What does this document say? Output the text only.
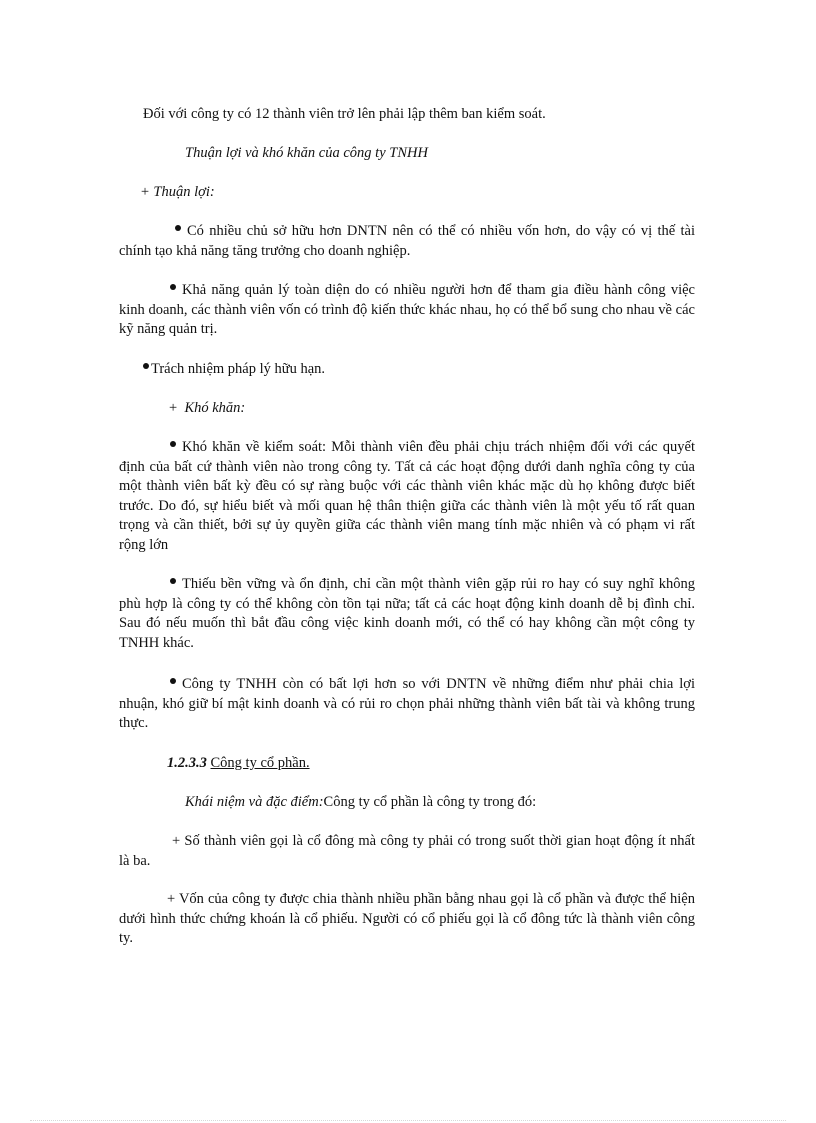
Đối với công ty có 12 thành viên trở lên phải lập thêm ban kiểm soát.
Thuận lợi và khó khăn của công ty TNHH
+ Thuận lợi:
Có nhiều chủ sở hữu hơn DNTN nên có thể có nhiều vốn hơn, do vậy có vị thế tài chính tạo khả năng tăng trưởng cho doanh nghiệp.
Khả năng quản lý toàn diện do có nhiều người hơn để tham gia điều hành công việc kinh doanh, các thành viên vốn có trình độ kiến thức khác nhau, họ có thể bổ sung cho nhau về các kỹ năng quản trị.
Trách nhiệm pháp lý hữu hạn.
+ Khó khăn:
Khó khăn về kiểm soát: Mỗi thành viên đều phải chịu trách nhiệm đối với các quyết định của bất cứ thành viên nào trong công ty. Tất cả các hoạt động dưới danh nghĩa công ty của một thành viên bất kỳ đều có sự ràng buộc với các thành viên khác mặc dù họ không được biết trước. Do đó, sự hiểu biết và mối quan hệ thân thiện giữa các thành viên là một yếu tố rất quan trọng và cần thiết, bởi sự ủy quyền giữa các thành viên mang tính mặc nhiên và có phạm vi rất rộng lớn
Thiếu bền vững và ổn định, chỉ cần một thành viên gặp rủi ro hay có suy nghĩ không phù hợp là công ty có thể không còn tồn tại nữa; tất cả các hoạt động kinh doanh dễ bị đình chỉ. Sau đó nếu muốn thì bắt đầu công việc kinh doanh mới, có thể có hay không cần một công ty TNHH khác.
Công ty TNHH còn có bất lợi hơn so với DNTN về những điểm như phải chia lợi nhuận, khó giữ bí mật kinh doanh và có rủi ro chọn phải những thành viên bất tài và không trung thực.
1.2.3.3 Công ty cổ phần.
Khái niệm và đặc điểm:Công ty cổ phần là công ty trong đó:
+ Số thành viên gọi là cổ đông mà công ty phải có trong suốt thời gian hoạt động ít nhất là ba.
+ Vốn của công ty được chia thành nhiều phần bằng nhau gọi là cổ phần và được thể hiện dưới hình thức chứng khoán là cổ phiếu. Người có cổ phiếu gọi là cổ đông tức là thành viên công ty.
